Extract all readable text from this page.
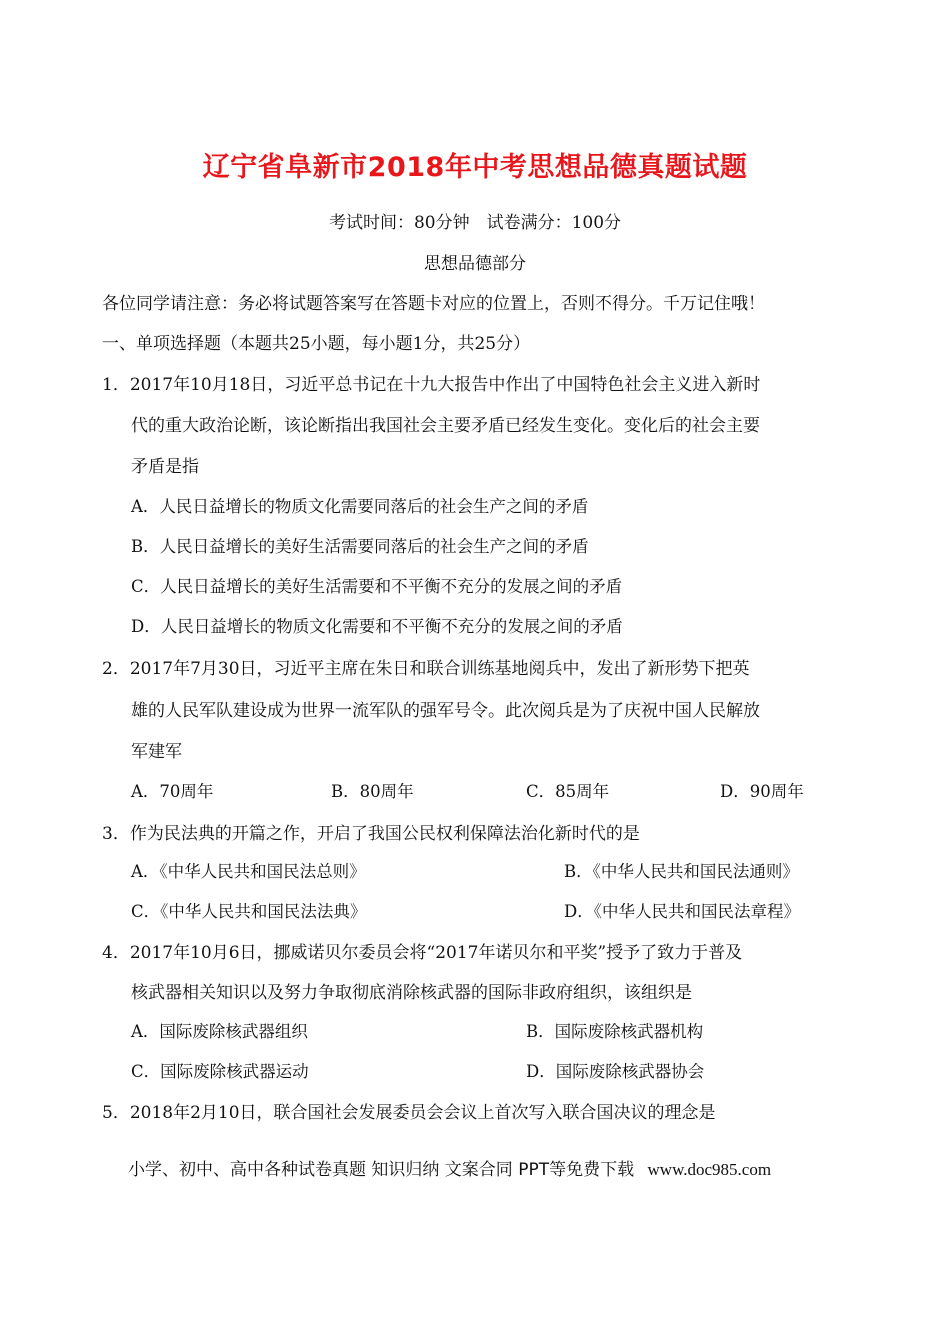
辽宁省阜新市2018年中考思想品德真题试题
考试时间：80分钟　试卷满分：100分
思想品德部分
各位同学请注意：务必将试题答案写在答题卡对应的位置上，否则不得分。千万记住哦！
一、单项选择题（本题共25小题，每小题1分，共25分）
1．2017年10月18日，习近平总书记在十九大报告中作出了中国特色社会主义进入新时
代的重大政治论断，该论断指出我国社会主要矛盾已经发生变化。变化后的社会主要
矛盾是指
A．人民日益增长的物质文化需要同落后的社会生产之间的矛盾
B．人民日益增长的美好生活需要同落后的社会生产之间的矛盾
C．人民日益增长的美好生活需要和不平衡不充分的发展之间的矛盾
D．人民日益增长的物质文化需要和不平衡不充分的发展之间的矛盾
2．2017年7月30日，习近平主席在朱日和联合训练基地阅兵中，发出了新形势下把英
雄的人民军队建设成为世界一流军队的强军号令。此次阅兵是为了庆祝中国人民解放
军建军
A．70周年	B．80周年	C．85周年	D．90周年
3．作为民法典的开篇之作，开启了我国公民权利保障法治化新时代的是
A．《中华人民共和国民法总则》	B．《中华人民共和国民法通则》
C．《中华人民共和国民法法典》	D．《中华人民共和国民法章程》
4．2017年10月6日，挪威诺贝尔委员会将“2017年诺贝尔和平奖”授予了致力于普及
核武器相关知识以及努力争取彻底消除核武器的国际非政府组织，该组织是
A．国际废除核武器组织	B．国际废除核武器机构
C．国际废除核武器运动	D．国际废除核武器协会
5．2018年2月10日，联合国社会发展委员会会议上首次写入联合国决议的理念是
小学、初中、高中各种试卷真题 知识归纳 文案合同 PPT等免费下载 www.doc985.com
